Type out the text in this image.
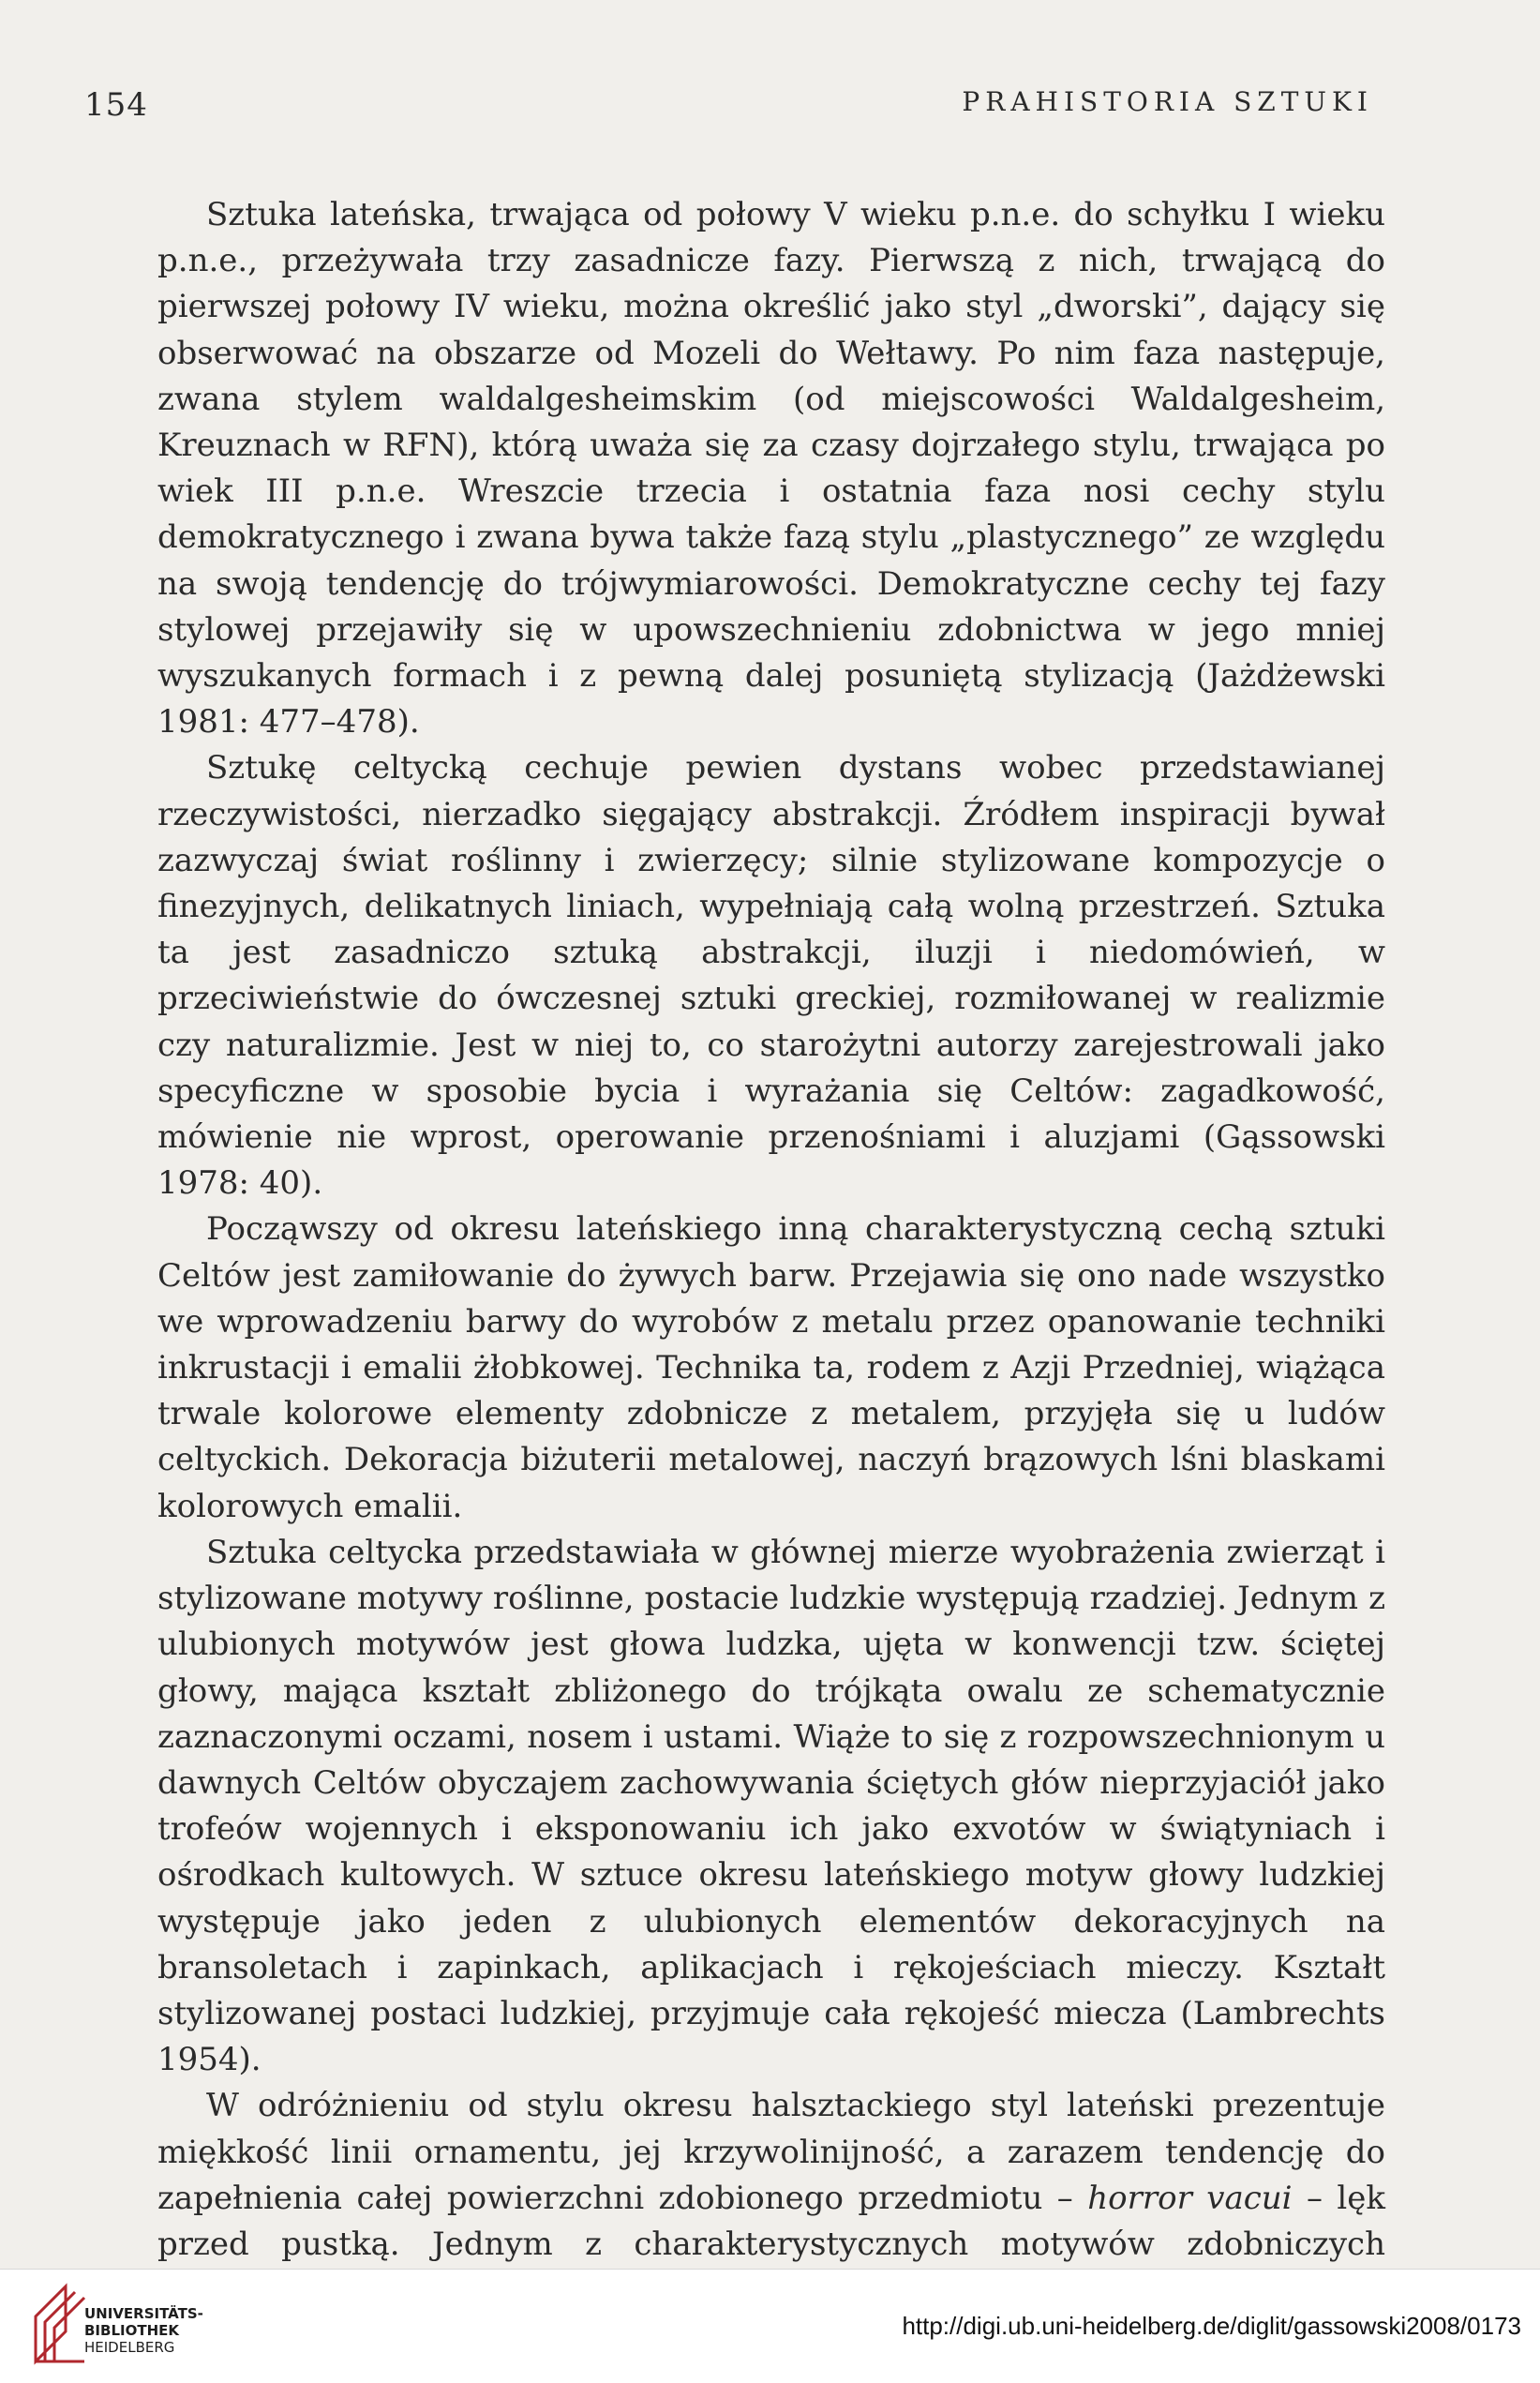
154	PRAHISTORIA SZTUKI

Sztuka lateńska, trwająca od połowy V wieku p.n.e. do schyłku I wieku p.n.e., przeżywała trzy zasadnicze fazy. Pierwszą z nich, trwającą do pierwszej połowy IV wieku, można określić jako styl „dworski”, dający się obserwować na obszarze od Mozeli do Wełtawy. Po nim faza następuje, zwana stylem waldalgesheimskim (od miejscowości Waldalgesheim, Kreuznach w RFN), którą uważa się za czasy dojrzałego stylu, trwająca po wiek III p.n.e. Wreszcie trzecia i ostatnia faza nosi cechy stylu demokratycznego i zwana bywa także fazą stylu „plastycznego” ze względu na swoją tendencję do trójwymiarowości. Demokratyczne cechy tej fazy stylowej przejawiły się w upowszechnieniu zdobnictwa w jego mniej wyszukanych formach i z pewną dalej posuniętą stylizacją (Jażdżewski 1981: 477–478).

Sztukę celtycką cechuje pewien dystans wobec przedstawianej rzeczywistości, nierzadko sięgający abstrakcji. Źródłem inspiracji bywał zazwyczaj świat roślinny i zwierzęcy; silnie stylizowane kompozycje o finezyjnych, delikatnych liniach, wypełniają całą wolną przestrzeń. Sztuka ta jest zasadniczo sztuką abstrakcji, iluzji i niedomówień, w przeciwieństwie do ówczesnej sztuki greckiej, rozmiłowanej w realizmie czy naturalizmie. Jest w niej to, co starożytni autorzy zarejestrowali jako specyficzne w sposobie bycia i wyrażania się Celtów: zagadkowość, mówienie nie wprost, operowanie przenośniami i aluzjami (Gąssowski 1978: 40).

Począwszy od okresu lateńskiego inną charakterystyczną cechą sztuki Celtów jest zamiłowanie do żywych barw. Przejawia się ono nade wszystko we wprowadzeniu barwy do wyrobów z metalu przez opanowanie techniki inkrustacji i emalii żłobkowej. Technika ta, rodem z Azji Przedniej, wiążąca trwale kolorowe elementy zdobnicze z metalem, przyjęła się u ludów celtyckich. Dekoracja biżuterii metalowej, naczyń brązowych lśni blaskami kolorowych emalii.

Sztuka celtycka przedstawiała w głównej mierze wyobrażenia zwierząt i stylizowane motywy roślinne, postacie ludzkie występują rzadziej. Jednym z ulubionych motywów jest głowa ludzka, ujęta w konwencji tzw. ściętej głowy, mająca kształt zbliżonego do trójkąta owalu ze schematycznie zaznaczonymi oczami, nosem i ustami. Wiąże to się z rozpowszechnionym u dawnych Celtów obyczajem zachowywania ściętych głów nieprzyjaciół jako trofeów wojennych i eksponowaniu ich jako exvotów w świątyniach i ośrodkach kultowych. W sztuce okresu lateńskiego motyw głowy ludzkiej występuje jako jeden z ulubionych elementów dekoracyjnych na bransoletach i zapinkach, aplikacjach i rękojeściach mieczy. Kształt stylizowanej postaci ludzkiej, przyjmuje cała rękojeść miecza (Lambrechts 1954).

W odróżnieniu od stylu okresu halsztackiego styl lateński prezentuje miękkość linii ornamentu, jej krzywolinijność, a zarazem tendencję do zapełnienia całej powierzchni zdobionego przedmiotu – horror vacui – lęk przed pustką. Jednym z charakterystycznych motywów zdobniczych

UNIVERSITÄTS-
BIBLIOTHEK
HEIDELBERG
http://digi.ub.uni-heidelberg.de/diglit/gassowski2008/0173
